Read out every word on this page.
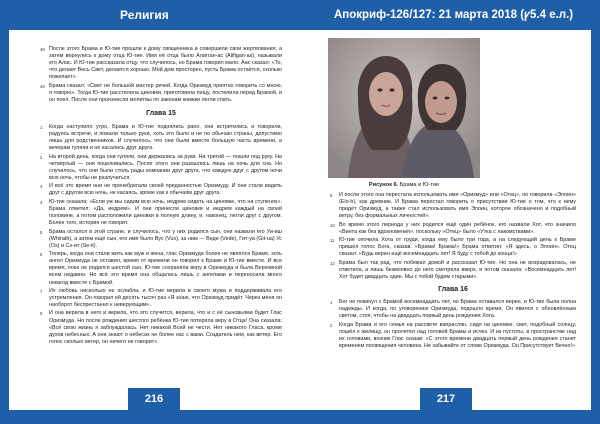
Религия
48 После этого Брама и Ю-тие прошли к дому священника и совершили свои жертвования, а затем вернулись к дому отца Ю-тие. Имя её отца было Алигган-ас (Alifigan-as), называли его Алас. И Ю-тие рассказала отцу, что случилось, но Брама говорил мало. Аас сказал: «То, что делает Весь Свет, делается хорошо. Мой дом просторен, пусть Брама остаётся, сколько пожелает».
49 Брама сказал: «Свет не большой мастер речей. Когда Оризмуд приятно говорить со мною, я говорю». Тогда Ю-тие расстелила циновки, приготовила пищу, постелила перед Брамой, и он поел. После они произнесли молитвы по законам книжки легли спать.
Глава 15
1 Когда наступило утро, Брама и Ю-тие поднялись рано, они встретились и говорили, радуясь встрече, и пожали только руки, хоть это было и не по обычаю страны, допустимо лишь для родственников. И случилось, что они были вместе большую часть времени, а вечерам гуляли и не касались друг друга.
2 На второй день, когда они гуляли, они держались за руки. На третий — пошли под руку. На четвёртый — они поцеловались. После этого они разошлись лишь на ночь для сна. Но случилось, что они были столь рады компании друг друга, что каждую друг с другом ночи всю ночь, чтобы не разлучаться.
3 И всё это время они не пренебрегали своей преданностью Оризмуду. И они стали видеть друг с другом всю ночь, не касаясь, кроме как к обычаям друг друга.
4 Ю-тие сказала: «Если уж мы сидим всю ночь, иедрем сидеть на циновке, что на ступенях». Брама ответил: «Да, иедрем». И они принесли циновки и иедрем каждый на своей половине, а потом расположили циновки в полную длину, и, наконец, легли друг с другом. Более того, история не говорит.
5 Брама остался в этой стране, и случилось, что у них родился сын, они назвали его Уи-иш (Whirath), а затем ещё сын, его имя было Вус (Vus), за ним — Веде (Vede), Гит-уа (Git-ua) Ус (Os) и Сэ-ит (Se-it).
6 Теперь, когда они стали жить как муж и жена, глас Оризмуда более не являлся Браме, хоть ангел Оризмуда не оставил, время от времени он говорил к Браме и Ю-тие вместе. И все время, пока не родился шестой сын, Ю-тие сохраняла веру в Оризмуда и была Верховной всем недавно. Но всё это время она общалась лишь с ангелами и переносила много невзгод вместе с Брамой.
7 Их любовь нисколько не ослабла, и Ю-тие верила в своего мужа и поддерживала его устремления. Он говорил ей десять тысяч раз «Я знаю, что Оризмуд придёт. Через меня он наоборот беспрестанно к неверующим».
8 И она верила в него и верила, что это случится, верила, что и с её сыновьями будет Глас Оризмуда. Но после рождения шестого ребёнка Ю-тие потеряла веру в Отца! Она сказала: «Всё свою жизнь я заблуждалась. Нет никакой Всей не чести. Нет никакого Гласа, кроме духов небесных. А они знают о небесах не более нас с вами. Создатель нем, как ветер. Его голос сколько ветер, он ничего не говорит».
216
Апокриф-126/127: 21 марта 2018 (ꝩ5.4 е.л.)
Рисунок 6. Брама и Ю-тие
9 И после этого она перестала использовать имя «Оризмуд» или «Отец», но говорила «Элоин» (Elo-h), как древние. И Брама перестал говорить о присутствии Ю-тие о том, что к нему придёт Оризмуд, а также стал использовать имя Элоин, которое обозначено и подобный ветру, без формальных личностей».
10 Во время этого периода у них родился ещё один ребёнок, его назвали Хот, что значило «Винта как без вдохновения», поскольку «Отец» было «Утка с лакомствами».
11 Ю-тие опочила Хота от груди, когда ему было три года, а на следующий день к Браме пришёл голос Бога, сказав: «Брама! Брама!» Брама ответил: «Я здесь, о Элоин». Отец сказал: «Будь верен ещё восемнадцать лет! Я буду с тобой до конца!»
12 Брама был так рад, что побежал домой и рассказал Ю-тие. Но она не возрадовалась, не ответила, а лишь безмолвно до него смотрела вверх, и потом сказала: «Восемнадцать лет! Хот будет двадцать один. Мы с тобой будем старыми».
Глава 16
1 Бог не покинул с Брамой восемнадцать лет, но Брама оставался верен, и Ю-тие была полна надежды. И когда, по уговорению Оризмуда, подошло время, Он явился с обновлённым светом, стоя, чтобы на двадцать первый день рождения Хота.
2 Когда Брама и его семья на рассвете вапраслян, сидя на циновке, свет, подобный солнцу, пошёл к жилищу, он пролетел над головой Брамы и исчез. И из пустоты, в пространстве над их головами, возник Глас сказав: «С этого времени двадцать первый день рождения станет временем посвящения человека. Не забывайте от слове Оризмуда. Он Присутствует Вечно!»
217
